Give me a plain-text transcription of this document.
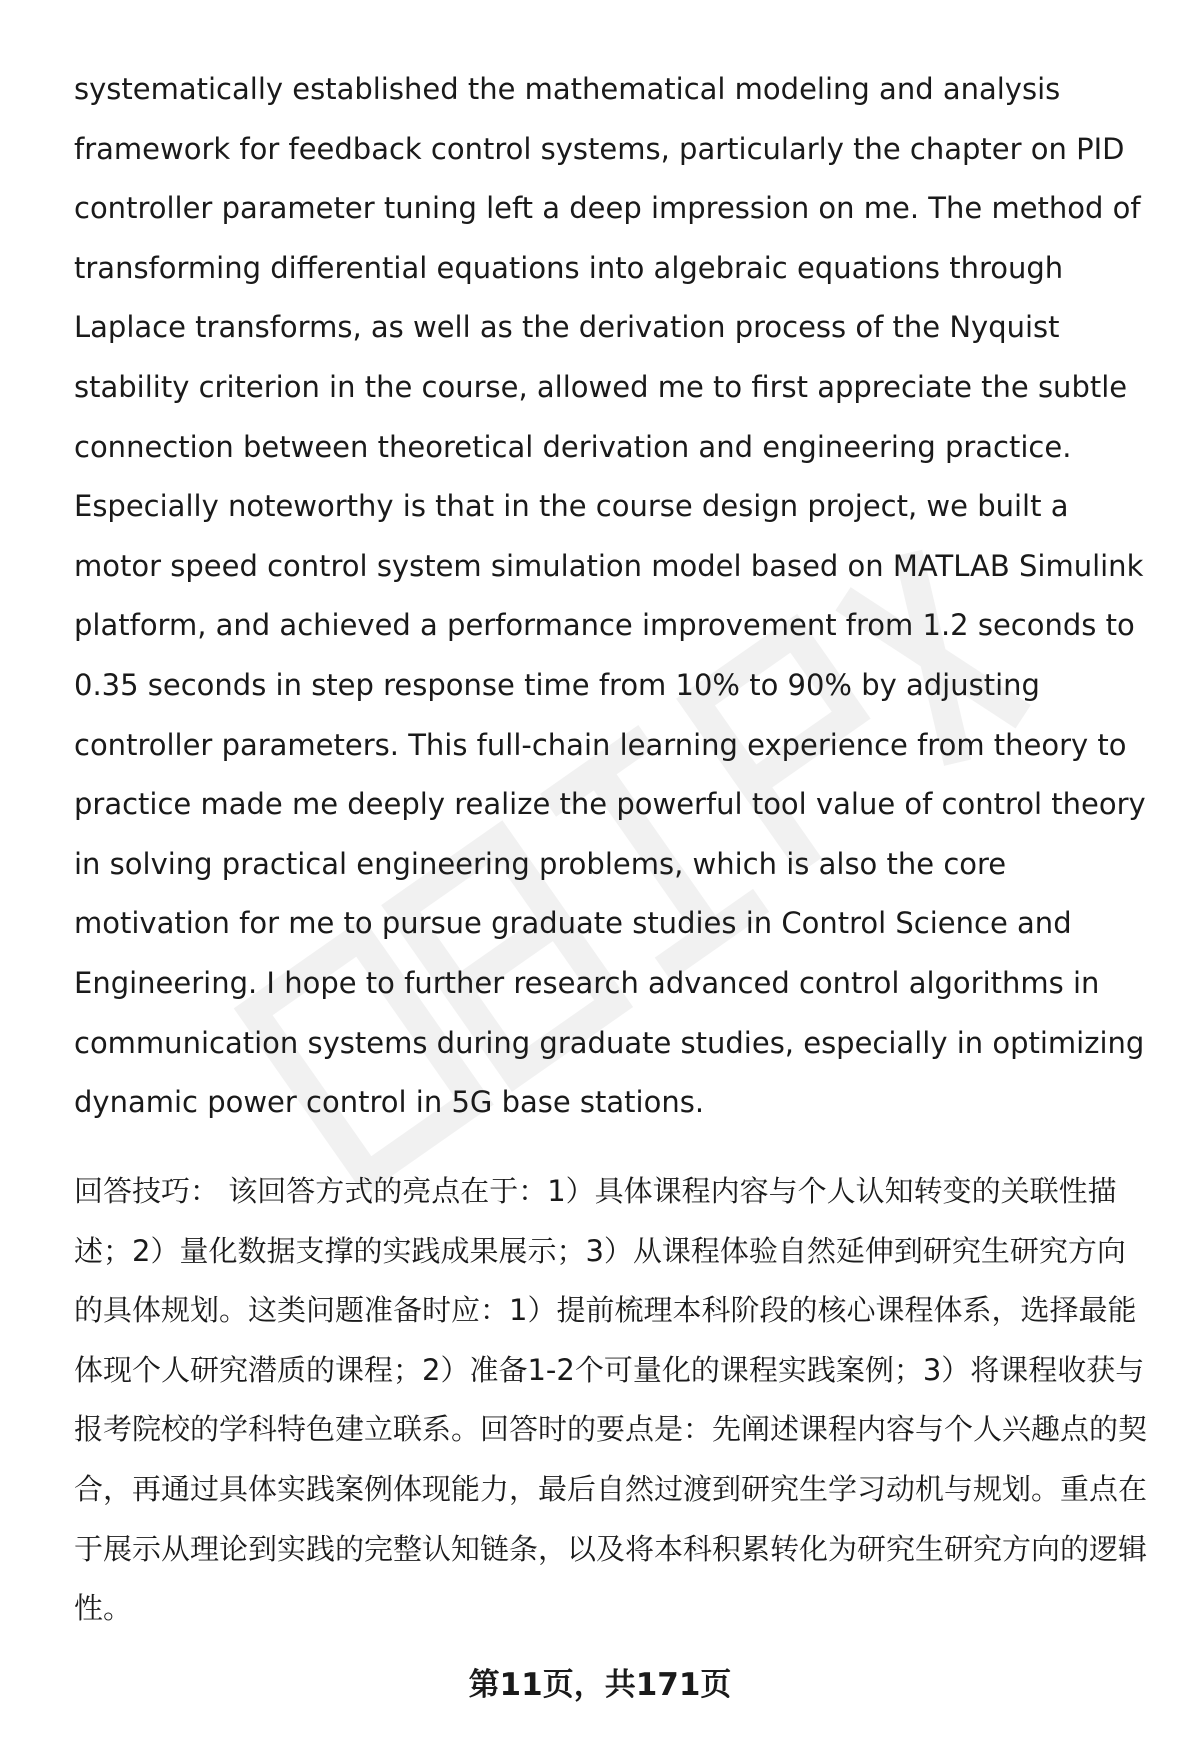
systematically established the mathematical modeling and analysis framework for feedback control systems, particularly the chapter on PID controller parameter tuning left a deep impression on me. The method of transforming differential equations into algebraic equations through Laplace transforms, as well as the derivation process of the Nyquist stability criterion in the course, allowed me to first appreciate the subtle connection between theoretical derivation and engineering practice. Especially noteworthy is that in the course design project, we built a motor speed control system simulation model based on MATLAB Simulink platform, and achieved a performance improvement from 1.2 seconds to 0.35 seconds in step response time from 10% to 90% by adjusting controller parameters. This full-chain learning experience from theory to practice made me deeply realize the powerful tool value of control theory in solving practical engineering problems, which is also the core motivation for me to pursue graduate studies in Control Science and Engineering. I hope to further research advanced control algorithms in communication systems during graduate studies, especially in optimizing dynamic power control in 5G base stations.

回答技巧： 该回答方式的亮点在于：1）具体课程内容与个人认知转变的关联性描述；2）量化数据支撑的实践成果展示；3）从课程体验自然延伸到研究生研究方向的具体规划。这类问题准备时应：1）提前梳理本科阶段的核心课程体系，选择最能体现个人研究潜质的课程；2）准备1-2个可量化的课程实践案例；3）将课程收获与报考院校的学科特色建立联系。回答时的要点是：先阐述课程内容与个人兴趣点的契合，再通过具体实践案例体现能力，最后自然过渡到研究生学习动机与规划。重点在于展示从理论到实践的完整认知链条，以及将本科积累转化为研究生研究方向的逻辑性。

第11页，共171页
